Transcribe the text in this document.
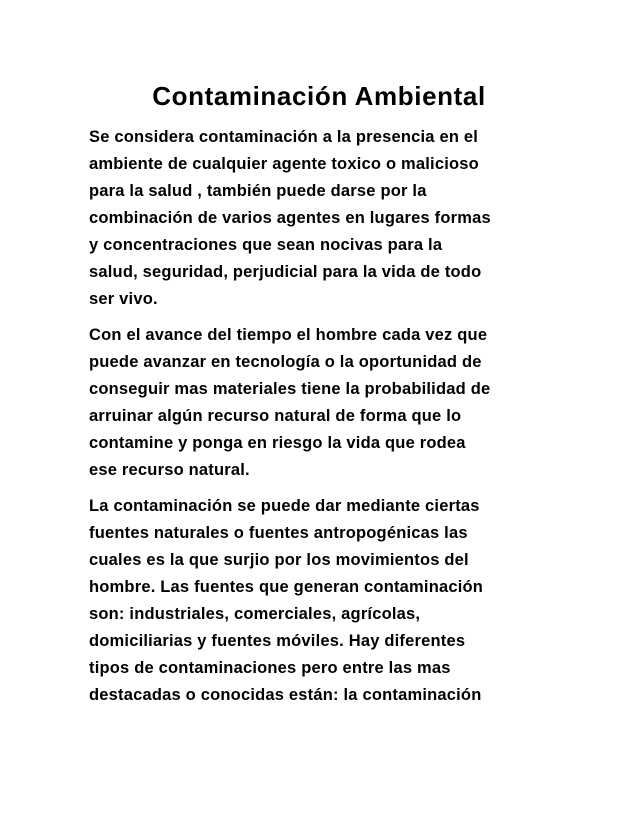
Contaminación Ambiental

Se considera contaminación a la presencia en el
ambiente de cualquier agente toxico o malicioso
para la salud , también puede darse por la
combinación de varios agentes en lugares formas
y concentraciones que sean nocivas para la
salud, seguridad, perjudicial para la vida de todo
ser vivo.

Con el avance del tiempo el hombre cada vez que
puede avanzar en tecnología o la oportunidad de
conseguir mas materiales tiene la probabilidad de
arruinar algún recurso natural de forma que lo
contamine y ponga en riesgo la vida que rodea
ese recurso natural.

La contaminación se puede dar mediante ciertas
fuentes naturales o fuentes antropogénicas las
cuales es la que surjio por los movimientos del
hombre. Las fuentes que generan contaminación
son: industriales, comerciales, agrícolas,
domiciliarias y fuentes móviles. Hay diferentes
tipos de contaminaciones pero entre las mas
destacadas o conocidas están: la contaminación
